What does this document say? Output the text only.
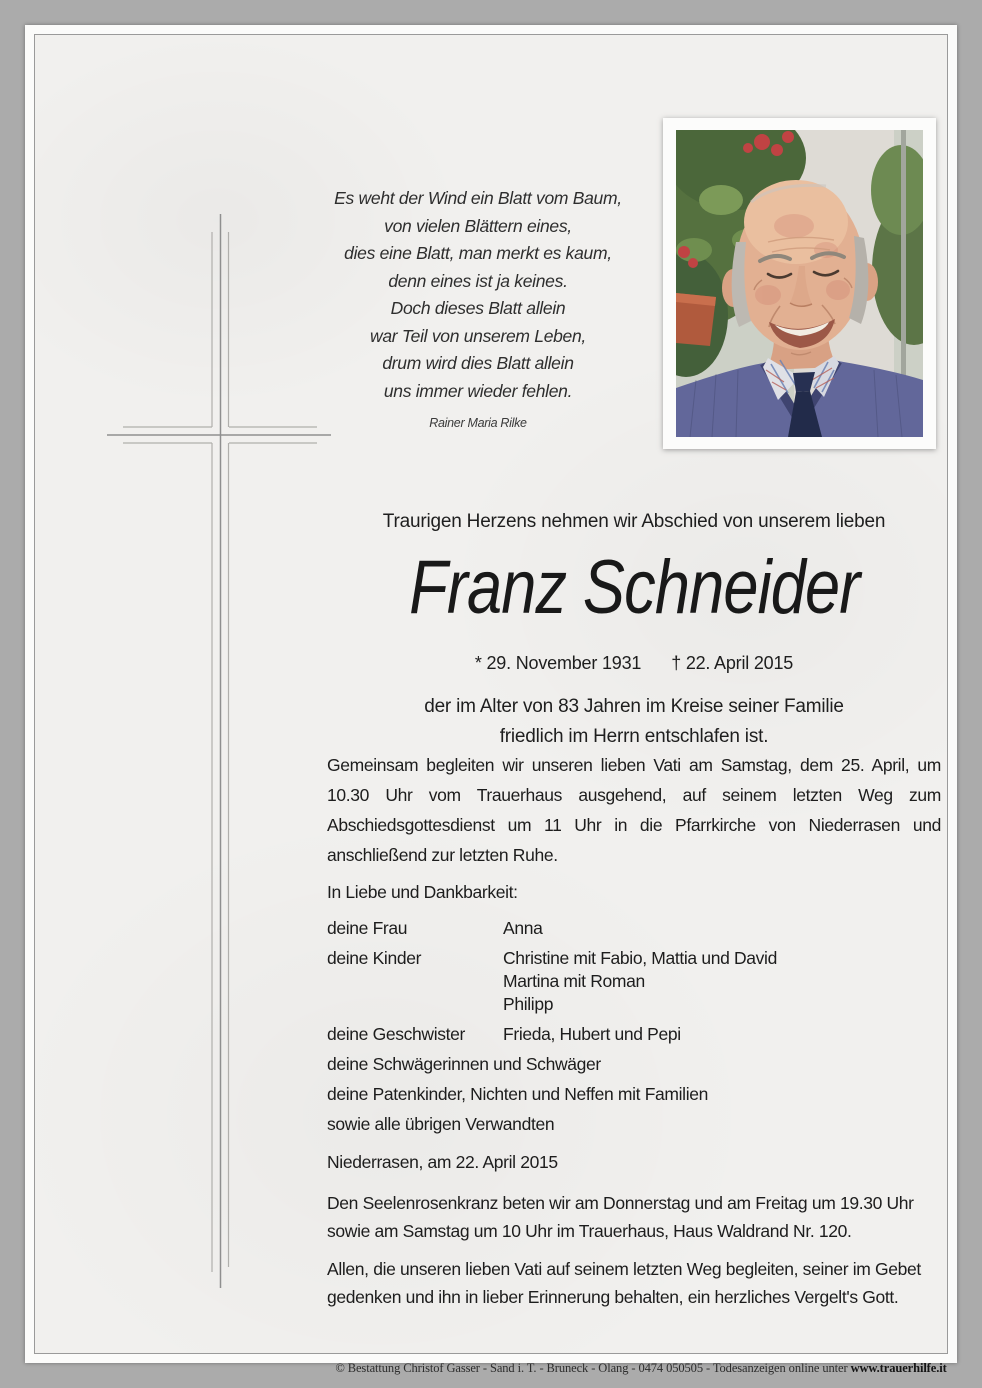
Es weht der Wind ein Blatt vom Baum,
von vielen Blättern eines,
dies eine Blatt, man merkt es kaum,
denn eines ist ja keines.
Doch dieses Blatt allein
war Teil von unserem Leben,
drum wird dies Blatt allein
uns immer wieder fehlen.
Rainer Maria Rilke
Traurigen Herzens nehmen wir Abschied von unserem lieben
Franz Schneider
* 29. November 1931 † 22. April 2015
der im Alter von 83 Jahren im Kreise seiner Familie
friedlich im Herrn entschlafen ist.

Gemeinsam begleiten wir unseren lieben Vati am Samstag, dem 25. April, um 10.30 Uhr vom Trauerhaus ausgehend, auf seinem letzten Weg zum Abschiedsgottesdienst um 11 Uhr in die Pfarrkirche von Niederrasen und anschließend zur letzten Ruhe.

In Liebe und Dankbarkeit:
deine Frau	Anna
deine Kinder	Christine mit Fabio, Mattia und David
Martina mit Roman
Philipp
deine Geschwister	Frieda, Hubert und Pepi
deine Schwägerinnen und Schwäger
deine Patenkinder, Nichten und Neffen mit Familien
sowie alle übrigen Verwandten
Niederrasen, am 22. April 2015

Den Seelenrosenkranz beten wir am Donnerstag und am Freitag um 19.30 Uhr sowie am Samstag um 10 Uhr im Trauerhaus, Haus Waldrand Nr. 120.

Allen, die unseren lieben Vati auf seinem letzten Weg begleiten, seiner im Gebet gedenken und ihn in lieber Erinnerung behalten, ein herzliches Vergelt's Gott.

© Bestattung Christof Gasser - Sand i. T. - Bruneck - Olang - 0474 050505 - Todesanzeigen online unter www.trauerhilfe.it
